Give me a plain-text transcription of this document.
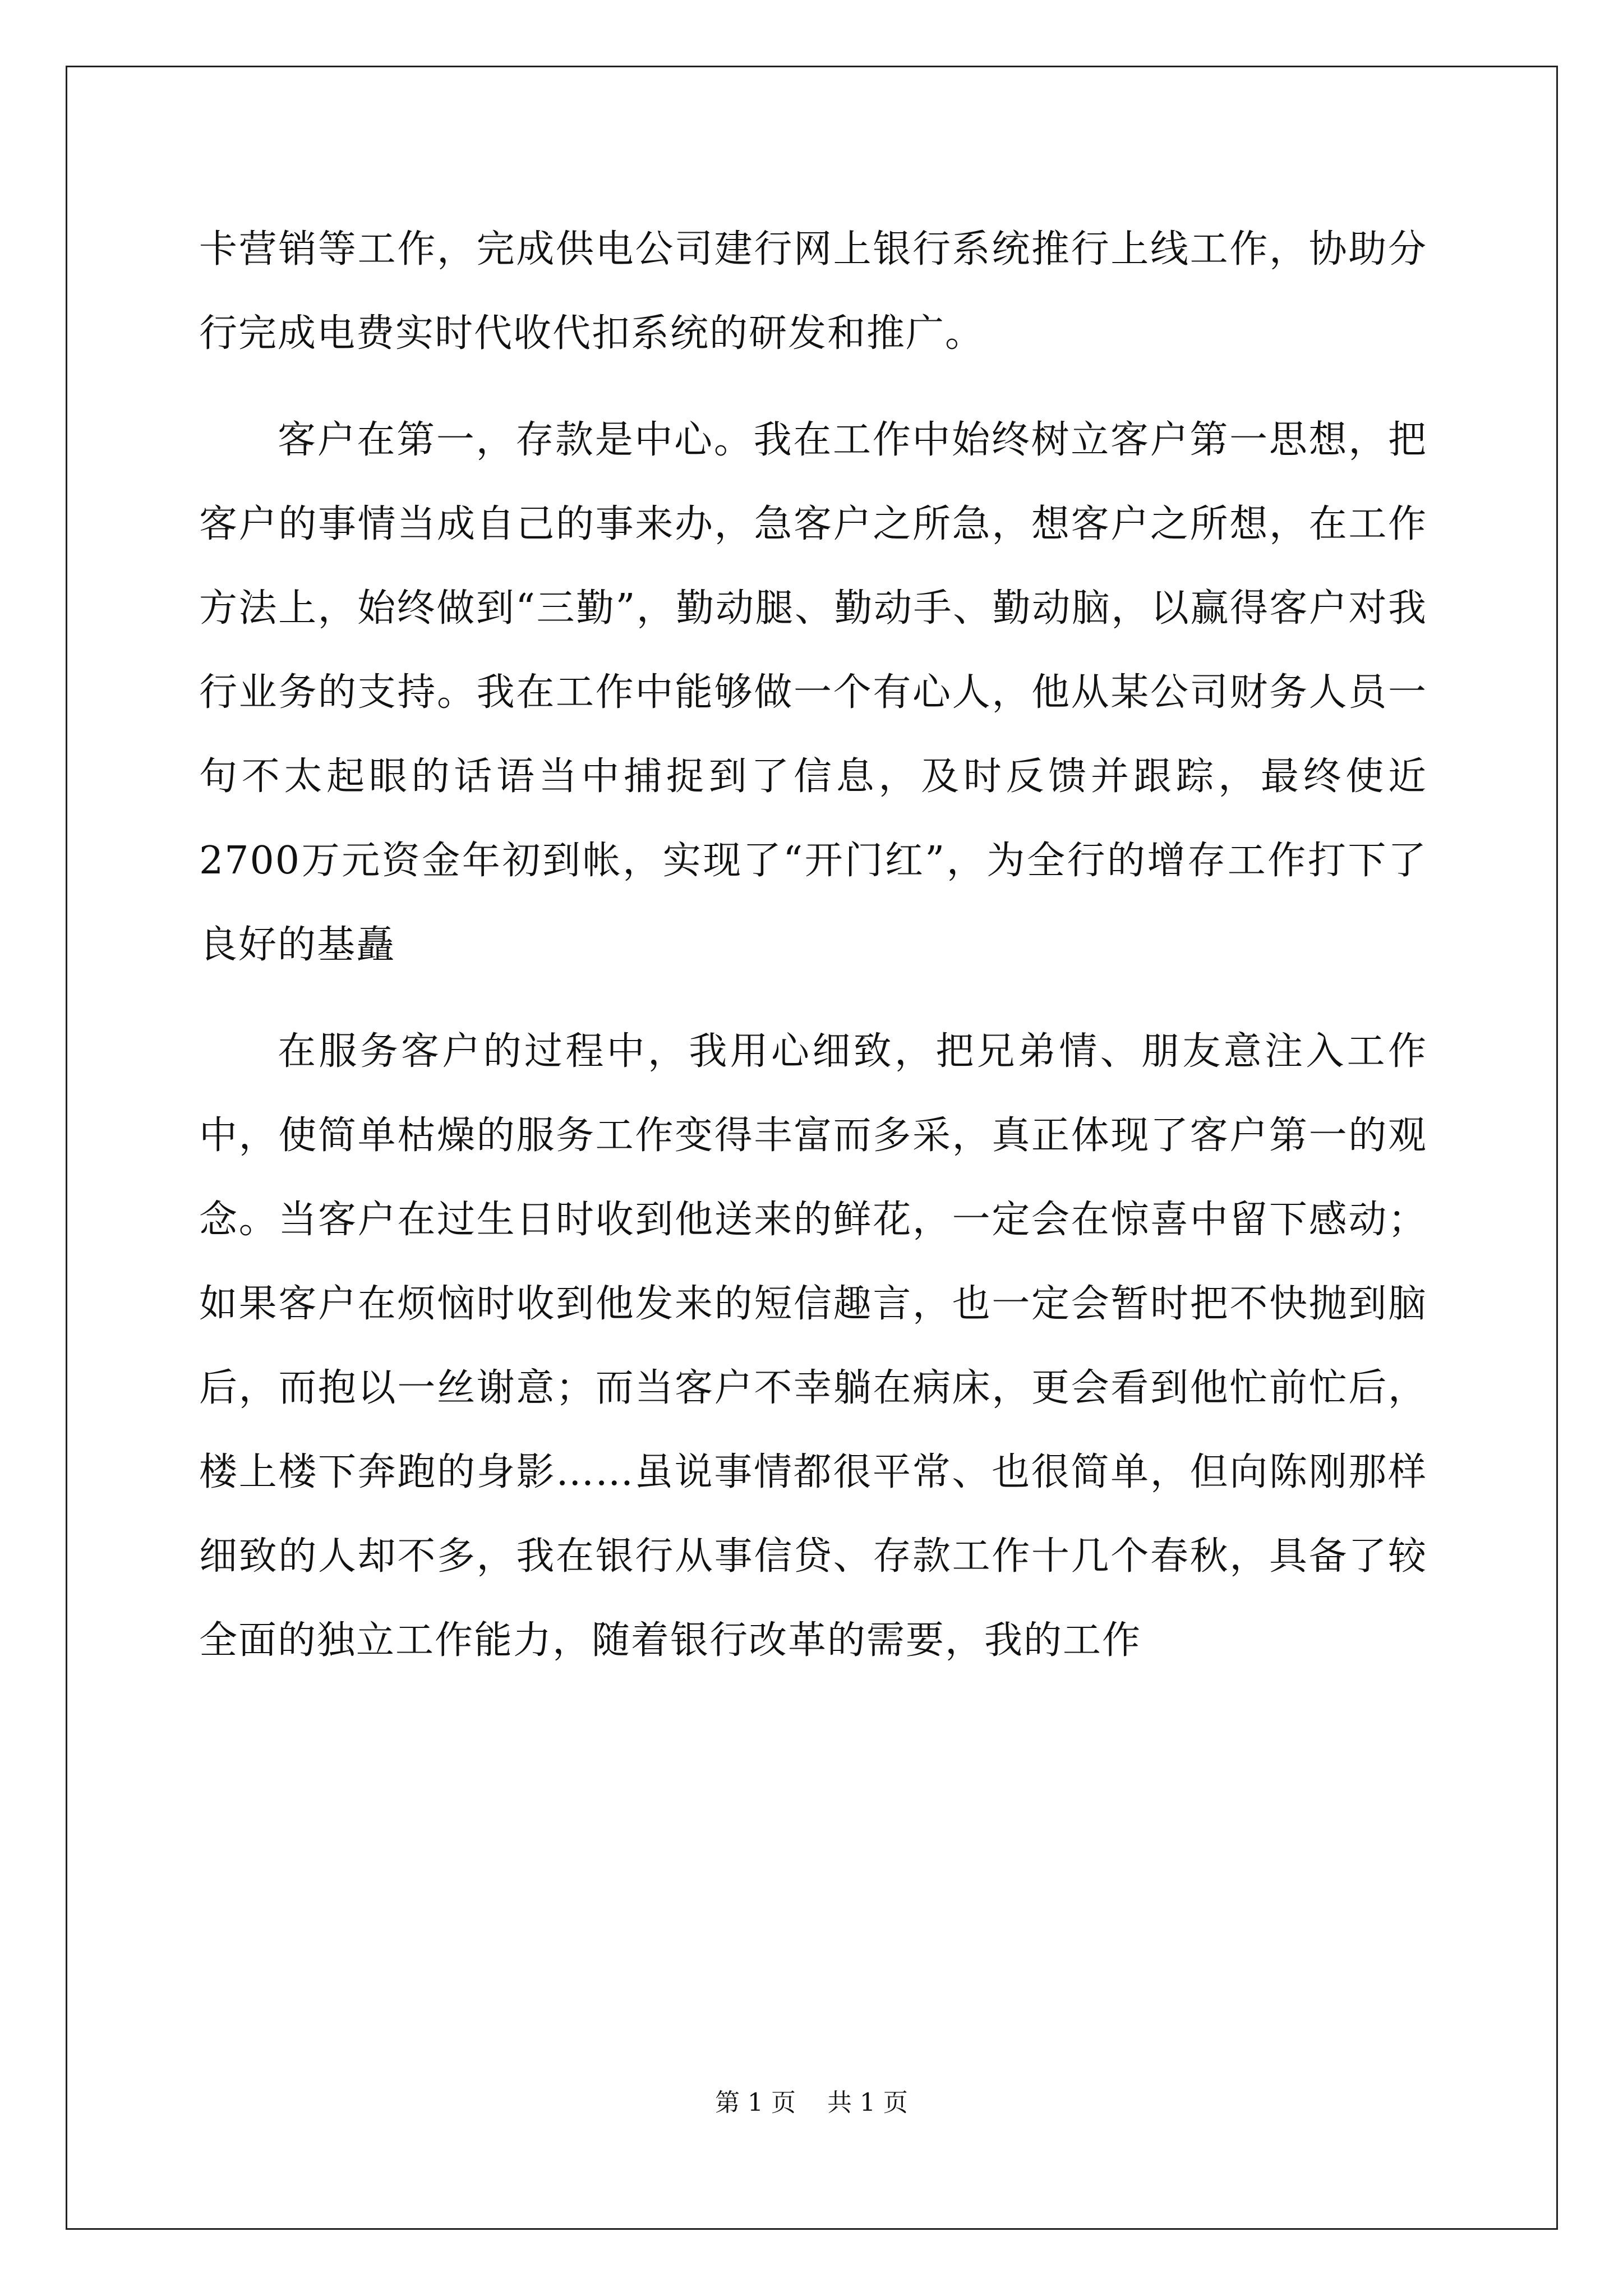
卡营销等工作，完成供电公司建行网上银行系统推行上线工作，协助分行完成电费实时代收代扣系统的研发和推广。

客户在第一，存款是中心。我在工作中始终树立客户第一思想，把客户的事情当成自己的事来办，急客户之所急，想客户之所想，在工作方法上，始终做到“三勤”，勤动腿、勤动手、勤动脑，以赢得客户对我行业务的支持。我在工作中能够做一个有心人，他从某公司财务人员一句不太起眼的话语当中捕捉到了信息，及时反馈并跟踪，最终使近2700万元资金年初到帐，实现了“开门红”，为全行的增存工作打下了良好的基矗

在服务客户的过程中，我用心细致，把兄弟情、朋友意注入工作中，使简单枯燥的服务工作变得丰富而多采，真正体现了客户第一的观念。当客户在过生日时收到他送来的鲜花，一定会在惊喜中留下感动；如果客户在烦恼时收到他发来的短信趣言，也一定会暂时把不快抛到脑后，而抱以一丝谢意；而当客户不幸躺在病床，更会看到他忙前忙后，楼上楼下奔跑的身影……虽说事情都很平常、也很简单，但向陈刚那样细致的人却不多，我在银行从事信贷、存款工作十几个春秋，具备了较全面的独立工作能力，随着银行改革的需要，我的工作

第 1 页 共 1 页
